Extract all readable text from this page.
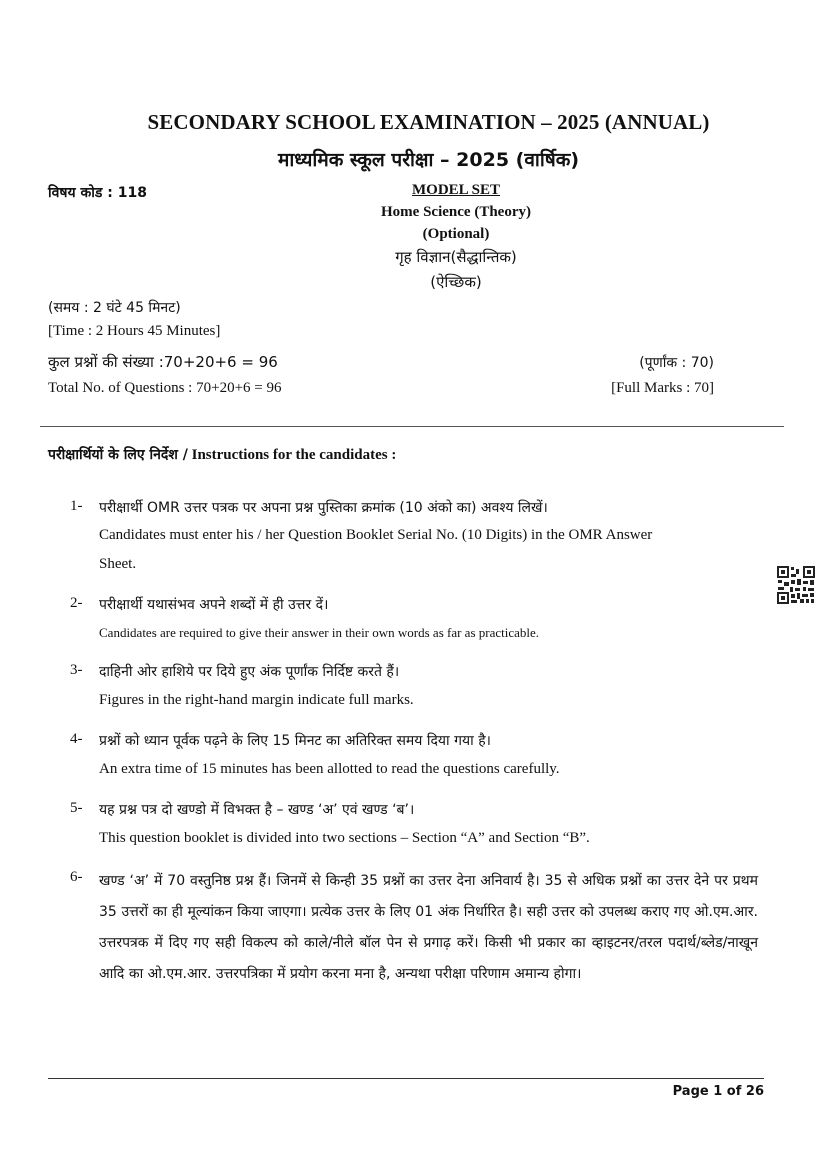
SECONDARY SCHOOL EXAMINATION – 2025 (ANNUAL)
माध्यमिक स्कूल परीक्षा – 2025 (वार्षिक)
विषय कोड : 118	MODEL SET
Home Science (Theory)
(Optional)
गृह विज्ञान(सैद्धान्तिक)
(ऐच्छिक)
(समय : 2 घंटे 45 मिनट)
[Time : 2 Hours 45 Minutes]
कुल प्रश्नों की संख्या :70+20+6 = 96
Total No. of Questions : 70+20+6 = 96
(पूर्णांक : 70)
[Full Marks : 70]
परीक्षार्थियों के लिए निर्देश / Instructions for the candidates :
1- परीक्षार्थी OMR उत्तर पत्रक पर अपना प्रश्न पुस्तिका क्रमांक (10 अंको का) अवश्य लिखें।
Candidates must enter his / her Question Booklet Serial No. (10 Digits) in the OMR Answer
Sheet.
2- परीक्षार्थी यथासंभव अपने शब्दों में ही उत्तर दें।
Candidates are required to give their answer in their own words as far as practicable.
3- दाहिनी ओर हाशिये पर दिये हुए अंक पूर्णांक निर्दिष्ट करते हैं।
Figures in the right-hand margin indicate full marks.
4- प्रश्नों को ध्यान पूर्वक पढ़ने के लिए 15 मिनट का अतिरिक्त समय दिया गया है।
An extra time of 15 minutes has been allotted to read the questions carefully.
5- यह प्रश्न पत्र दो खण्डो में विभक्त है – खण्ड ‘अ’ एवं खण्ड ‘ब’।
This question booklet is divided into two sections – Section “A” and Section “B”.
6- खण्ड ‘अ’ में 70 वस्तुनिष्ठ प्रश्न हैं। जिनमें से किन्ही 35 प्रश्नों का उत्तर देना अनिवार्य है। 35 से अधिक प्रश्नों का उत्तर देने पर प्रथम 35 उत्तरों का ही मूल्यांकन किया जाएगा। प्रत्येक उत्तर के लिए 01 अंक निर्धारित है। सही उत्तर को उपलब्ध कराए गए ओ.एम.आर. उत्तरपत्रक में दिए गए सही विकल्प को काले/नीले बॉल पेन से प्रगाढ़ करें। किसी भी प्रकार का व्हाइटनर/तरल पदार्थ/ब्लेड/नाखून आदि का ओ.एम.आर. उत्तरपत्रिका में प्रयोग करना मना है, अन्यथा परीक्षा परिणाम अमान्य होगा।
Page 1 of 26
